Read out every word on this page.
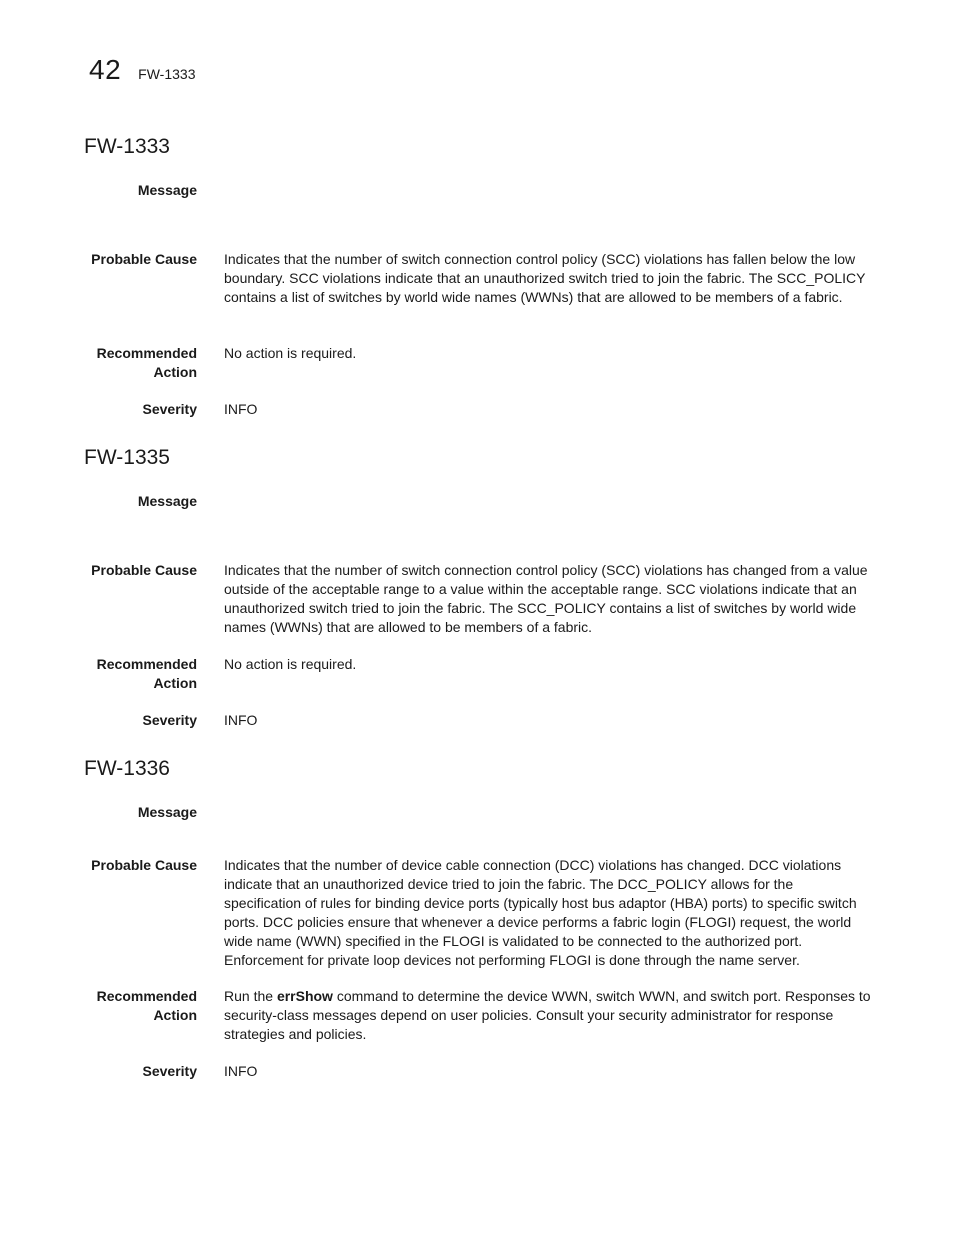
42 FW-1333
FW-1333
Message
Probable Cause Indicates that the number of switch connection control policy (SCC) violations has fallen below the low boundary. SCC violations indicate that an unauthorized switch tried to join the fabric. The SCC_POLICY contains a list of switches by world wide names (WWNs) that are allowed to be members of a fabric.
Recommended
Action
No action is required.
Severity INFO
FW-1335
Message
Probable Cause Indicates that the number of switch connection control policy (SCC) violations has changed from a value outside of the acceptable range to a value within the acceptable range. SCC violations indicate that an unauthorized switch tried to join the fabric. The SCC_POLICY contains a list of switches by world wide names (WWNs) that are allowed to be members of a fabric.
Recommended
Action
No action is required.
Severity INFO
FW-1336
Message
Probable Cause Indicates that the number of device cable connection (DCC) violations has changed. DCC violations indicate that an unauthorized device tried to join the fabric. The DCC_POLICY allows for the specification of rules for binding device ports (typically host bus adaptor (HBA) ports) to specific switch ports. DCC policies ensure that whenever a device performs a fabric login (FLOGI) request, the world wide name (WWN) specified in the FLOGI is validated to be connected to the authorized port. Enforcement for private loop devices not performing FLOGI is done through the name server.
Recommended
Action
Run the errShow command to determine the device WWN, switch WWN, and switch port. Responses to security-class messages depend on user policies. Consult your security administrator for response strategies and policies.
Severity INFO
